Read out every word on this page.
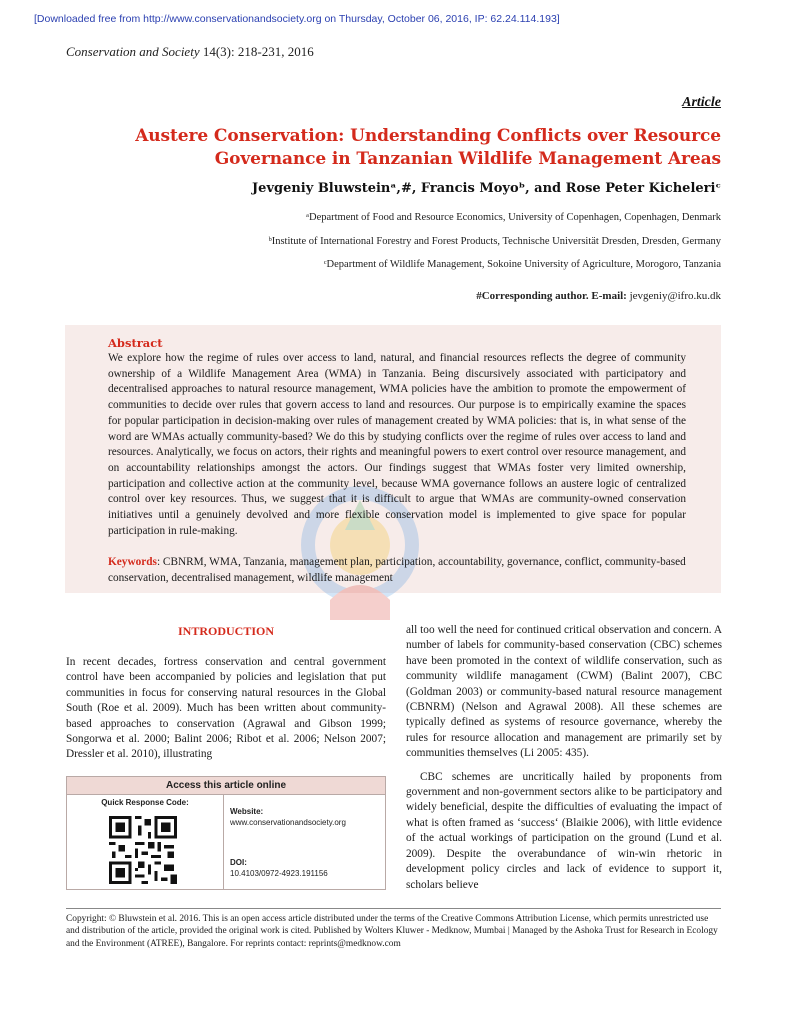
[Downloaded free from http://www.conservationandsociety.org on Thursday, October 06, 2016, IP: 62.24.114.193]
Conservation and Society 14(3): 218-231, 2016
Article
Austere Conservation: Understanding Conflicts over Resource Governance in Tanzanian Wildlife Management Areas
Jevgeniy Bluwsteinᵃ,#, Francis Moyoᵇ, and Rose Peter Kicheleriᶜ
ᵃDepartment of Food and Resource Economics, University of Copenhagen, Copenhagen, Denmark
ᵇInstitute of International Forestry and Forest Products, Technische Universität Dresden, Dresden, Germany
ᶜDepartment of Wildlife Management, Sokoine University of Agriculture, Morogoro, Tanzania
#Corresponding author. E-mail: jevgeniy@ifro.ku.dk
Abstract
We explore how the regime of rules over access to land, natural, and financial resources reflects the degree of community ownership of a Wildlife Management Area (WMA) in Tanzania. Being discursively associated with participatory and decentralised approaches to natural resource management, WMA policies have the ambition to promote the empowerment of communities to decide over rules that govern access to land and resources. Our purpose is to empirically examine the spaces for popular participation in decision-making over rules of management created by WMA policies: that is, in what sense of the word are WMAs actually community-based? We do this by studying conflicts over the regime of rules over access to land and resources. Analytically, we focus on actors, their rights and meaningful powers to exert control over resource management, and on accountability relationships amongst the actors. Our findings suggest that WMAs foster very limited ownership, participation and collective action at the community level, because WMA governance follows an austere logic of centralized control over key resources. Thus, we suggest that it is difficult to argue that WMAs are community-owned conservation initiatives until a genuinely devolved and more flexible conservation model is implemented to give space for popular participation in rule-making.
Keywords: CBNRM, WMA, Tanzania, management plan, participation, accountability, governance, conflict, community-based conservation, decentralised management, wildlife management
INTRODUCTION
In recent decades, fortress conservation and central government control have been accompanied by policies and legislation that put communities in focus for conserving natural resources in the Global South (Roe et al. 2009). Much has been written about community-based approaches to conservation (Agrawal and Gibson 1999; Songorwa et al. 2000; Balint 2006; Ribot et al. 2006; Nelson 2007; Dressler et al. 2010), illustrating
Access this article online
Quick Response Code:
Website:
www.conservationandsociety.org
DOI:
10.4103/0972-4923.191156
all too well the need for continued critical observation and concern. A number of labels for community-based conservation (CBC) schemes have been promoted in the context of wildlife conservation, such as community wildlife managament (CWM) (Balint 2007), CBC (Goldman 2003) or community-based natural resource management (CBNRM) (Nelson and Agrawal 2008). All these schemes are typically defined as systems of resource governance, whereby the rules for resource allocation and management are primarily set by communities themselves (Li 2005: 435).
CBC schemes are uncritically hailed by proponents from government and non-government sectors alike to be participatory and widely beneficial, despite the difficulties of evaluating the impact of what is often framed as ‘success‘ (Blaikie 2006), with little evidence of the actual workings of participation on the ground (Lund et al. 2009). Despite the overabundance of win-win rhetoric in development policy circles and lack of evidence to support it, scholars believe
Copyright: © Bluwstein et al. 2016. This is an open access article distributed under the terms of the Creative Commons Attribution License, which permits unrestricted use and distribution of the article, provided the original work is cited. Published by Wolters Kluwer - Medknow, Mumbai | Managed by the Ashoka Trust for Research in Ecology and the Environment (ATREE), Bangalore. For reprints contact: reprints@medknow.com
